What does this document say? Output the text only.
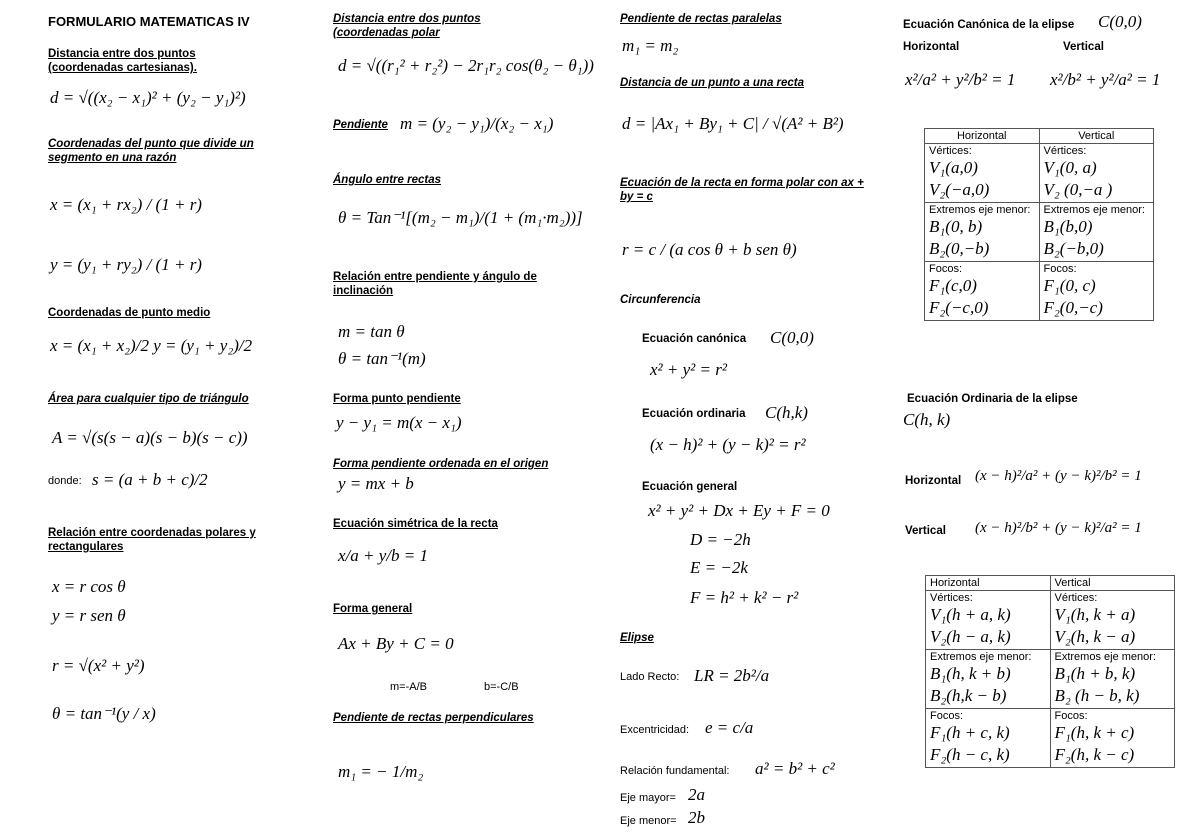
FORMULARIO MATEMATICAS IV
Distancia entre dos puntos (coordenadas cartesianas).
d = √((x₂ − x₁)² + (y₂ − y₁)²)
Coordenadas del punto que divide un segmento en una razón
x = (x₁ + rx₂) / (1 + r)
y = (y₁ + ry₂) / (1 + r)
Coordenadas de punto medio
x = (x₁ + x₂)/2 y = (y₁ + y₂)/2
Área para cualquier tipo de triángulo
A = √(s(s − a)(s − b)(s − c))
donde: s = (a + b + c)/2
Relación entre coordenadas polares y rectangulares
x = r cos θ
y = r sen θ
r = √(x² + y²)
θ = tan⁻¹(y / x)
Distancia entre dos puntos (coordenadas polar
d = √((r₁² + r₂²) − 2r₁r₂ cos(θ₂ − θ₁))
Pendiente m = (y₂ − y₁)/(x₂ − x₁)
Ángulo entre rectas
θ = Tan⁻¹[(m₂ − m₁)/(1 + (m₁·m₂))]
Relación entre pendiente y ángulo de inclinación
m = tan θ
θ = tan⁻¹(m)
Forma punto pendiente
y − y₁ = m(x − x₁)
Forma pendiente ordenada en el origen
y = mx + b
Ecuación simétrica de la recta
x/a + y/b = 1
Forma general
Ax + By + C = 0
m=-A/B	b=-C/B
Pendiente de rectas perpendiculares
m₁ = − 1/m₂
Pendiente de rectas paralelas
m₁ = m₂
Distancia de un punto a una recta
d = |Ax₁ + By₁ + C| / √(A² + B²)
Ecuación de la recta en forma polar con ax + by = c
r = c / (a cos θ + b sen θ)
Circunferencia
Ecuación canónica C(0,0)
x² + y² = r²
Ecuación ordinaria C(h,k)
(x − h)² + (y − k)² = r²
Ecuación general
x² + y² + Dx + Ey + F = 0
D = −2h
E = −2k
F = h² + k² − r²
Elipse
Lado Recto: LR = 2b²/a
Excentricidad: e = c/a
Relación fundamental: a² = b² + c²
Eje mayor= 2a
Eje menor= 2b
Ecuación Canónica de la elipse C(0,0)
Horizontal	Vertical
x²/a² + y²/b² = 1 x²/b² + y²/a² = 1
Horizontal	Vertical

Vértices:
V₁(a,0)
V₂(−a,0)	Vértices:
V₁(0, a)
V₂ (0,−a )

Extremos eje menor:
B₁(0, b)
B₂(0,−b)	Extremos eje menor:
B₁(b,0)
B₂(−b,0)

Focos:
F₁(c,0)
F₂(−c,0)	Focos:
F₁(0, c)
F₂(0,−c)
Ecuación Ordinaria de la elipse
C(h, k)
Horizontal (x − h)²/a² + (y − k)²/b² = 1
Vertical (x − h)²/b² + (y − k)²/a² = 1
Horizontal	Vertical

Vértices:
V₁(h + a, k)
V₂(h − a, k)	Vértices:
V₁(h, k + a)
V₂(h, k − a)

Extremos eje menor:
B₁(h, k + b)
B₂(h,k − b)	Extremos eje menor:
B₁(h + b, k)
B₂ (h − b, k)

Focos:
F₁(h + c, k)
F₂(h − c, k)	Focos:
F₁(h, k + c)
F₂(h, k − c)
